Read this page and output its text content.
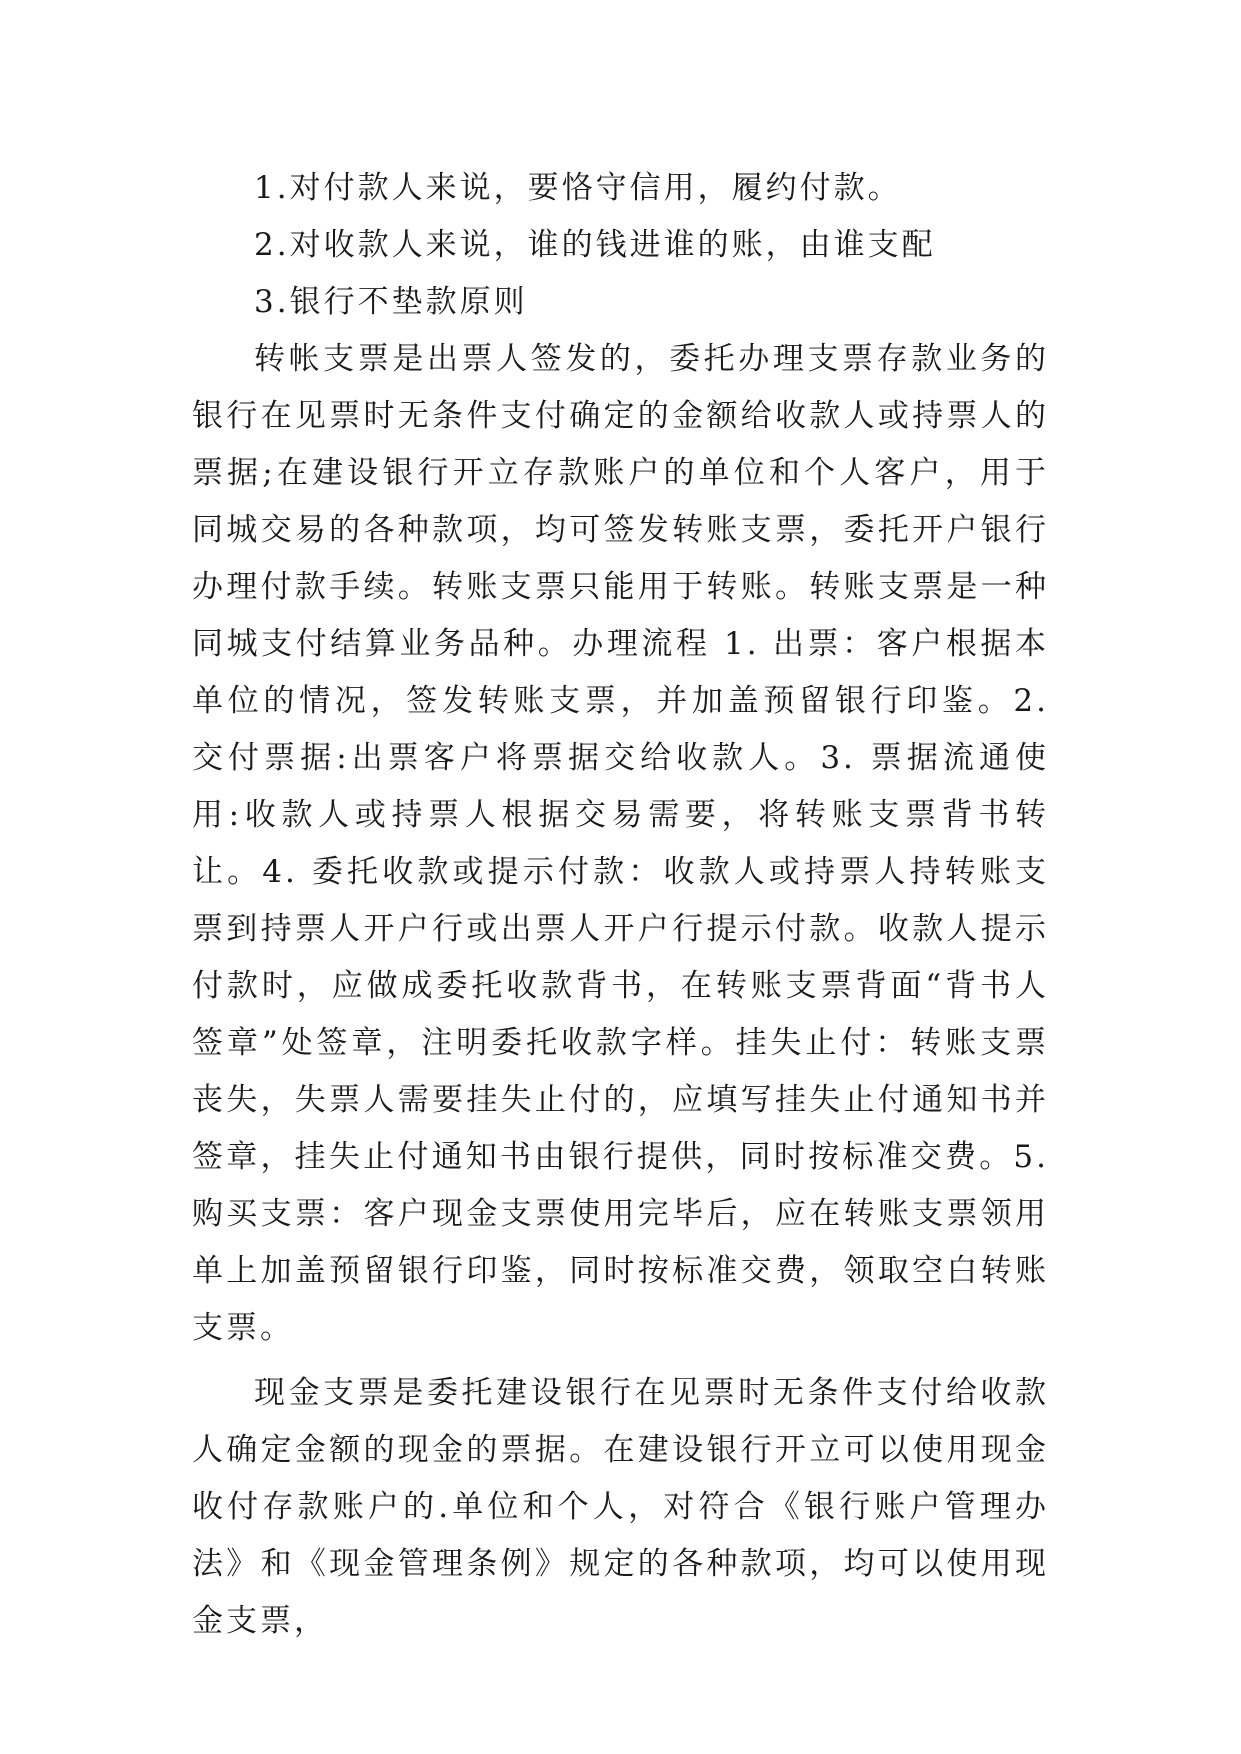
1.对付款人来说，要恪守信用，履约付款。

2.对收款人来说，谁的钱进谁的账，由谁支配

3.银行不垫款原则

转帐支票是出票人签发的，委托办理支票存款业务的银行在见票时无条件支付确定的金额给收款人或持票人的票据;在建设银行开立存款账户的单位和个人客户，用于同城交易的各种款项，均可签发转账支票，委托开户银行办理付款手续。转账支票只能用于转账。转账支票是一种同城支付结算业务品种。办理流程 1. 出票：客户根据本单位的情况，签发转账支票，并加盖预留银行印鉴。2. 交付票据:出票客户将票据交给收款人。3. 票据流通使用:收款人或持票人根据交易需要，将转账支票背书转让。4. 委托收款或提示付款：收款人或持票人持转账支票到持票人开户行或出票人开户行提示付款。收款人提示付款时，应做成委托收款背书，在转账支票背面“背书人签章”处签章，注明委托收款字样。挂失止付：转账支票丧失，失票人需要挂失止付的，应填写挂失止付通知书并签章，挂失止付通知书由银行提供，同时按标准交费。5. 购买支票：客户现金支票使用完毕后，应在转账支票领用单上加盖预留银行印鉴，同时按标准交费，领取空白转账支票。

现金支票是委托建设银行在见票时无条件支付给收款人确定金额的现金的票据。在建设银行开立可以使用现金收付存款账户的.单位和个人，对符合《银行账户管理办法》和《现金管理条例》规定的各种款项，均可以使用现金支票，
